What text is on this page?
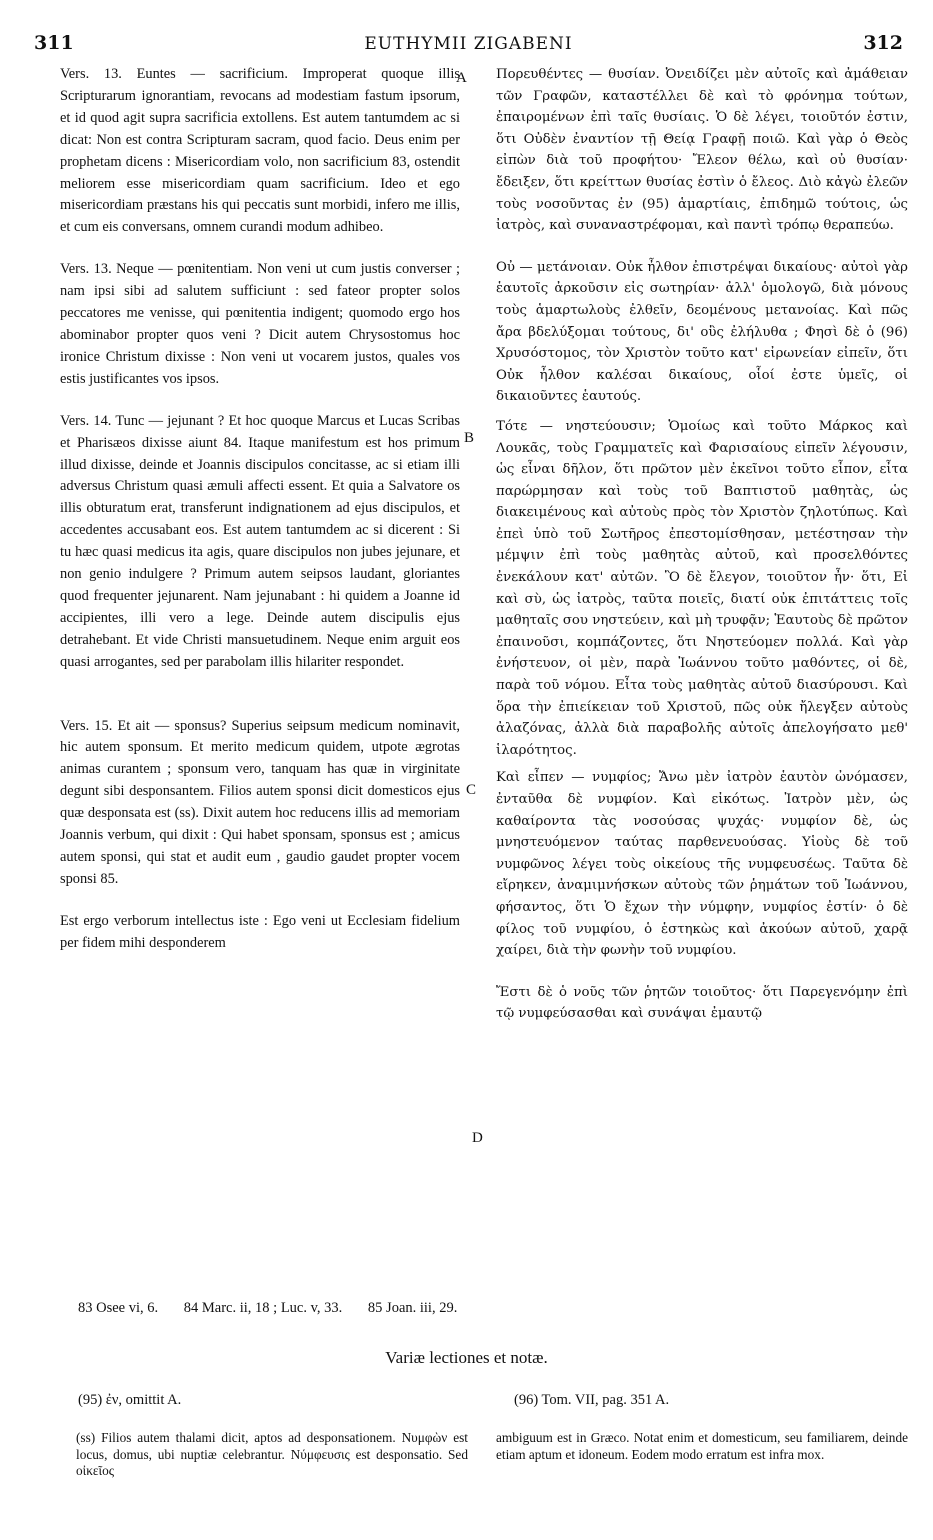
311	EUTHYMII ZIGABENI	312

Vers. 13. Euntes — sacrificium. Improperat quoque illis Scripturarum ignorantiam, revocans ad modestiam fastum ipsorum, et id quod agit supra sacrificia extollens. Est autem tantumdem ac si dicat: Non est contra Scripturam sacram, quod facio. Deus enim per prophetam dicens : Misericordiam volo, non sacrificium 83, ostendit meliorem esse misericordiam quam sacrificium. Ideo et ego misericordiam præstans his qui peccatis sunt morbidi, infero me illis, et cum eis conversans, omnem curandi modum adhibeo.

Vers. 13. Neque — pœnitentiam. Non veni ut cum justis converser ; nam ipsi sibi ad salutem sufficiunt : sed fateor propter solos peccatores me venisse, qui pœnitentia indigent; quomodo ergo hos abominabor propter quos veni ? Dicit autem Chrysostomus hoc ironice Christum dixisse : Non veni ut vocarem justos, quales vos estis justificantes vos ipsos.

Vers. 14. Tunc — jejunant ? Et hoc quoque Marcus et Lucas Scribas et Pharisæos dixisse aiunt 84. Itaque manifestum est hos primum illud dixisse, deinde et Joannis discipulos concitasse, ac si etiam illi adversus Christum quasi æmuli affecti essent. Et quia a Salvatore os illis obturatum erat, transferunt indignationem ad ejus discipulos, et accedentes accusabant eos. Est autem tantumdem ac si dicerent : Si tu hæc quasi medicus ita agis, quare discipulos non jubes jejunare, et non genio indulgere ? Primum autem seipsos laudant, gloriantes quod frequenter jejunarent. Nam jejunabant : hi quidem a Joanne id accipientes, illi vero a lege. Deinde autem discipulis ejus detrahebant. Et vide Christi mansuetudinem. Neque enim arguit eos quasi arrogantes, sed per parabolam illis hilariter respondet.

Vers. 15. Et ait — sponsus? Superius seipsum medicum nominavit, hic autem sponsum. Et merito medicum quidem, utpote ægrotas animas curantem ; sponsum vero, tanquam has quæ in virginitate degunt sibi desponsantem. Filios autem sponsi dicit domesticos ejus quæ desponsata est (ss). Dixit autem hoc reducens illis ad memoriam Joannis verbum, qui dixit : Qui habet sponsam, sponsus est ; amicus autem sponsi, qui stat et audit eum , gaudio gaudet propter vocem sponsi 85.

Est ergo verborum intellectus iste : Ego veni ut Ecclesiam fidelium per fidem mihi desponderem

A
B
C
D

Πορευθέντες — θυσίαν. Ὀνειδίζει μὲν αὐτοῖς καὶ ἀμάθειαν τῶν Γραφῶν, καταστέλλει δὲ καὶ τὸ φρόνημα τούτων, ἐπαιρομένων ἐπὶ ταῖς θυσίαις. Ὁ δὲ λέγει, τοιοῦτόν ἐστιν, ὅτι Οὐδὲν ἐναντίον τῇ Θείᾳ Γραφῇ ποιῶ. Καὶ γὰρ ὁ Θεὸς εἰπὼν διὰ τοῦ προφήτου· Ἔλεον θέλω, καὶ οὐ θυσίαν· ἔδειξεν, ὅτι κρείττων θυσίας ἐστὶν ὁ ἔλεος. Διὸ κἀγὼ ἐλεῶν τοὺς νοσοῦντας ἐν (95) ἁμαρτίαις, ἐπιδημῶ τούτοις, ὡς ἰατρὸς, καὶ συναναστρέφομαι, καὶ παντὶ τρόπῳ θεραπεύω.

Οὐ — μετάνοιαν. Οὐκ ἦλθον ἐπιστρέψαι δικαίους· αὐτοὶ γὰρ ἑαυτοῖς ἀρκοῦσιν εἰς σωτηρίαν· ἀλλ' ὁμολογῶ, διὰ μόνους τοὺς ἁμαρτωλοὺς ἐλθεῖν, δεομένους μετανοίας. Καὶ πῶς ἄρα βδελύξομαι τούτους, δι' οὓς ἐλήλυθα ; Φησὶ δὲ ὁ (96) Χρυσόστομος, τὸν Χριστὸν τοῦτο κατ' εἰρωνείαν εἰπεῖν, ὅτι Οὐκ ἦλθον καλέσαι δικαίους, οἷοί ἐστε ὑμεῖς, οἱ δικαιοῦντες ἑαυτούς.

Τότε — νηστεύουσιν; Ὁμοίως καὶ τοῦτο Μάρκος καὶ Λουκᾶς, τοὺς Γραμματεῖς καὶ Φαρισαίους εἰπεῖν λέγουσιν, ὡς εἶναι δῆλον, ὅτι πρῶτον μὲν ἐκεῖνοι τοῦτο εἶπον, εἶτα παρώρμησαν καὶ τοὺς τοῦ Βαπτιστοῦ μαθητὰς, ὡς διακειμένους καὶ αὐτοὺς πρὸς τὸν Χριστὸν ζηλοτύπως. Καὶ ἐπεὶ ὑπὸ τοῦ Σωτῆρος ἐπεστομίσθησαν, μετέστησαν τὴν μέμψιν ἐπὶ τοὺς μαθητὰς αὐτοῦ, καὶ προσελθόντες ἐνεκάλουν κατ' αὐτῶν. Ὃ δὲ ἔλεγον, τοιοῦτον ἦν· ὅτι, Εἰ καὶ σὺ, ὡς ἰατρὸς, ταῦτα ποιεῖς, διατί οὐκ ἐπιτάττεις τοῖς μαθηταῖς σου νηστεύειν, καὶ μὴ τρυφᾷν; Ἑαυτοὺς δὲ πρῶτον ἐπαινοῦσι, κομπάζοντες, ὅτι Νηστεύομεν πολλά. Καὶ γὰρ ἐνήστευον, οἱ μὲν, παρὰ Ἰωάννου τοῦτο μαθόντες, οἱ δὲ, παρὰ τοῦ νόμου. Εἶτα τοὺς μαθητὰς αὐτοῦ διασύρουσι. Καὶ ὅρα τὴν ἐπιείκειαν τοῦ Χριστοῦ, πῶς οὐκ ἤλεγξεν αὐτοὺς ἀλαζόνας, ἀλλὰ διὰ παραβολῆς αὐτοῖς ἀπελογήσατο μεθ' ἱλαρότητος.

Καὶ εἶπεν — νυμφίος; Ἄνω μὲν ἰατρὸν ἑαυτὸν ὠνόμασεν, ἐνταῦθα δὲ νυμφίον. Καὶ εἰκότως. Ἰατρὸν μὲν, ὡς καθαίροντα τὰς νοσούσας ψυχάς· νυμφίον δὲ, ὡς μνηστευόμενον ταύτας παρθενευούσας. Υἱοὺς δὲ τοῦ νυμφῶνος λέγει τοὺς οἰκείους τῆς νυμφευσέως. Ταῦτα δὲ εἴρηκεν, ἀναμιμνήσκων αὐτοὺς τῶν ῥημάτων τοῦ Ἰωάννου, φήσαντος, ὅτι Ὁ ἔχων τὴν νύμφην, νυμφίος ἐστίν· ὁ δὲ φίλος τοῦ νυμφίου, ὁ ἑστηκὼς καὶ ἀκούων αὐτοῦ, χαρᾷ χαίρει, διὰ τὴν φωνὴν τοῦ νυμφίου.

Ἔστι δὲ ὁ νοῦς τῶν ῥητῶν τοιοῦτος· ὅτι Παρεγενόμην ἐπὶ τῷ νυμφεύσασθαι καὶ συνάψαι ἐμαυτῷ

83 Osee vi, 6. 84 Marc. ii, 18 ; Luc. v, 33. 85 Joan. iii, 29.
Variæ lectiones et notæ.
(95) ἐν, omittit A.	(96) Tom. VII, pag. 351 A.

(ss) Filios autem thalami dicit, aptos ad desponsationem. Νυμφὼν est locus, domus, ubi nuptiæ celebrantur. Νύμφευσις est desponsatio. Sed οἰκεῖος

ambiguum est in Græco. Notat enim et domesticum, seu familiarem, deinde etiam aptum et idoneum. Eodem modo erratum est infra mox.
